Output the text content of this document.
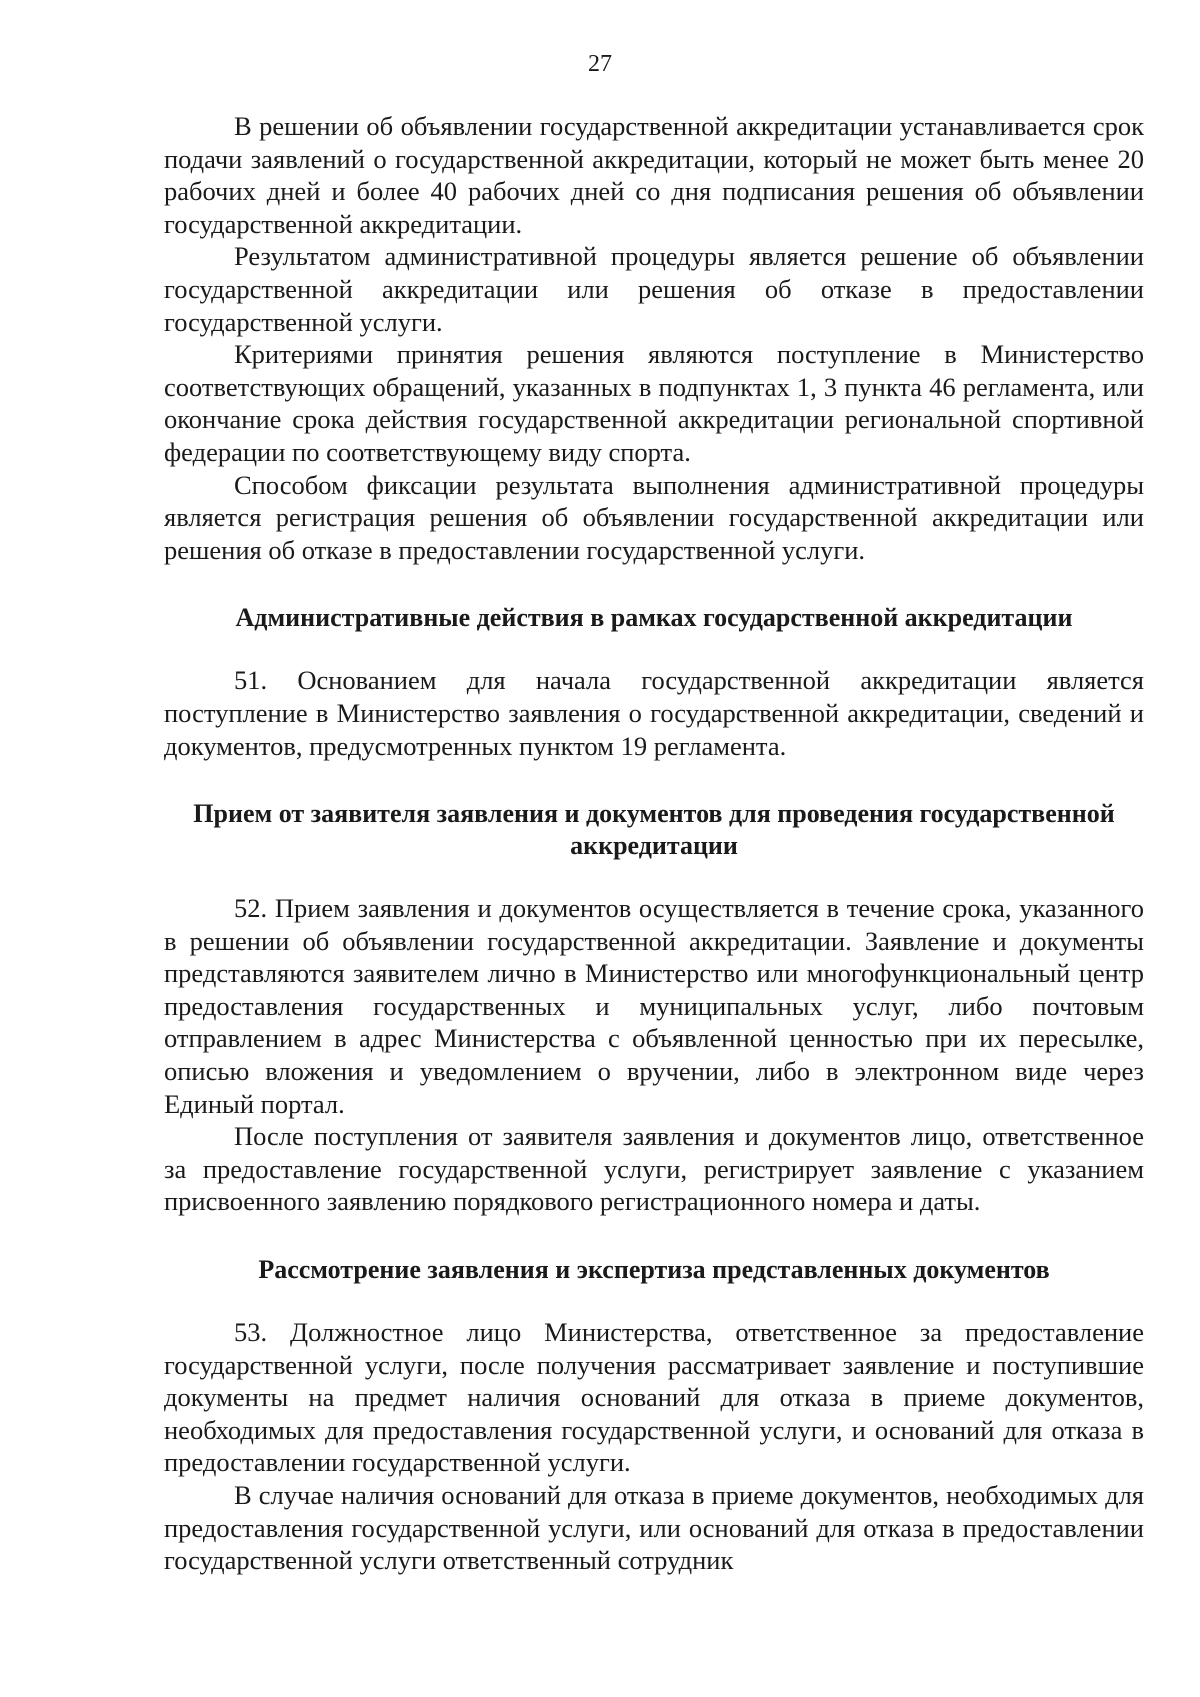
27

В решении об объявлении государственной аккредитации устанавливается срок подачи заявлений о государственной аккредитации, который не может быть менее 20 рабочих дней и более 40 рабочих дней со дня подписания решения об объявлении государственной аккредитации.

Результатом административной процедуры является решение об объявлении государственной аккредитации или решения об отказе в предоставлении государственной услуги.

Критериями принятия решения являются поступление в Министерство соответствующих обращений, указанных в подпунктах 1, 3 пункта 46 регламента, или окончание срока действия государственной аккредитации региональной спортивной федерации по соответствующему виду спорта.

Способом фиксации результата выполнения административной процедуры является регистрация решения об объявлении государственной аккредитации или решения об отказе в предоставлении государственной услуги.

Административные действия в рамках государственной аккредитации

51. Основанием для начала государственной аккредитации является поступление в Министерство заявления о государственной аккредитации, сведений и документов, предусмотренных пунктом 19 регламента.

Прием от заявителя заявления и документов для проведения государственной аккредитации

52. Прием заявления и документов осуществляется в течение срока, указанного в решении об объявлении государственной аккредитации. Заявление и документы представляются заявителем лично в Министерство или многофункциональный центр предоставления государственных и муниципальных услуг, либо почтовым отправлением в адрес Министерства с объявленной ценностью при их пересылке, описью вложения и уведомлением о вручении, либо в электронном виде через Единый портал.

После поступления от заявителя заявления и документов лицо, ответственное за предоставление государственной услуги, регистрирует заявление с указанием присвоенного заявлению порядкового регистрационного номера и даты.

Рассмотрение заявления и экспертиза представленных документов

53. Должностное лицо Министерства, ответственное за предоставление государственной услуги, после получения рассматривает заявление и поступившие документы на предмет наличия оснований для отказа в приеме документов, необходимых для предоставления государственной услуги, и оснований для отказа в предоставлении государственной услуги.

В случае наличия оснований для отказа в приеме документов, необходимых для предоставления государственной услуги, или оснований для отказа в предоставлении государственной услуги ответственный сотрудник
